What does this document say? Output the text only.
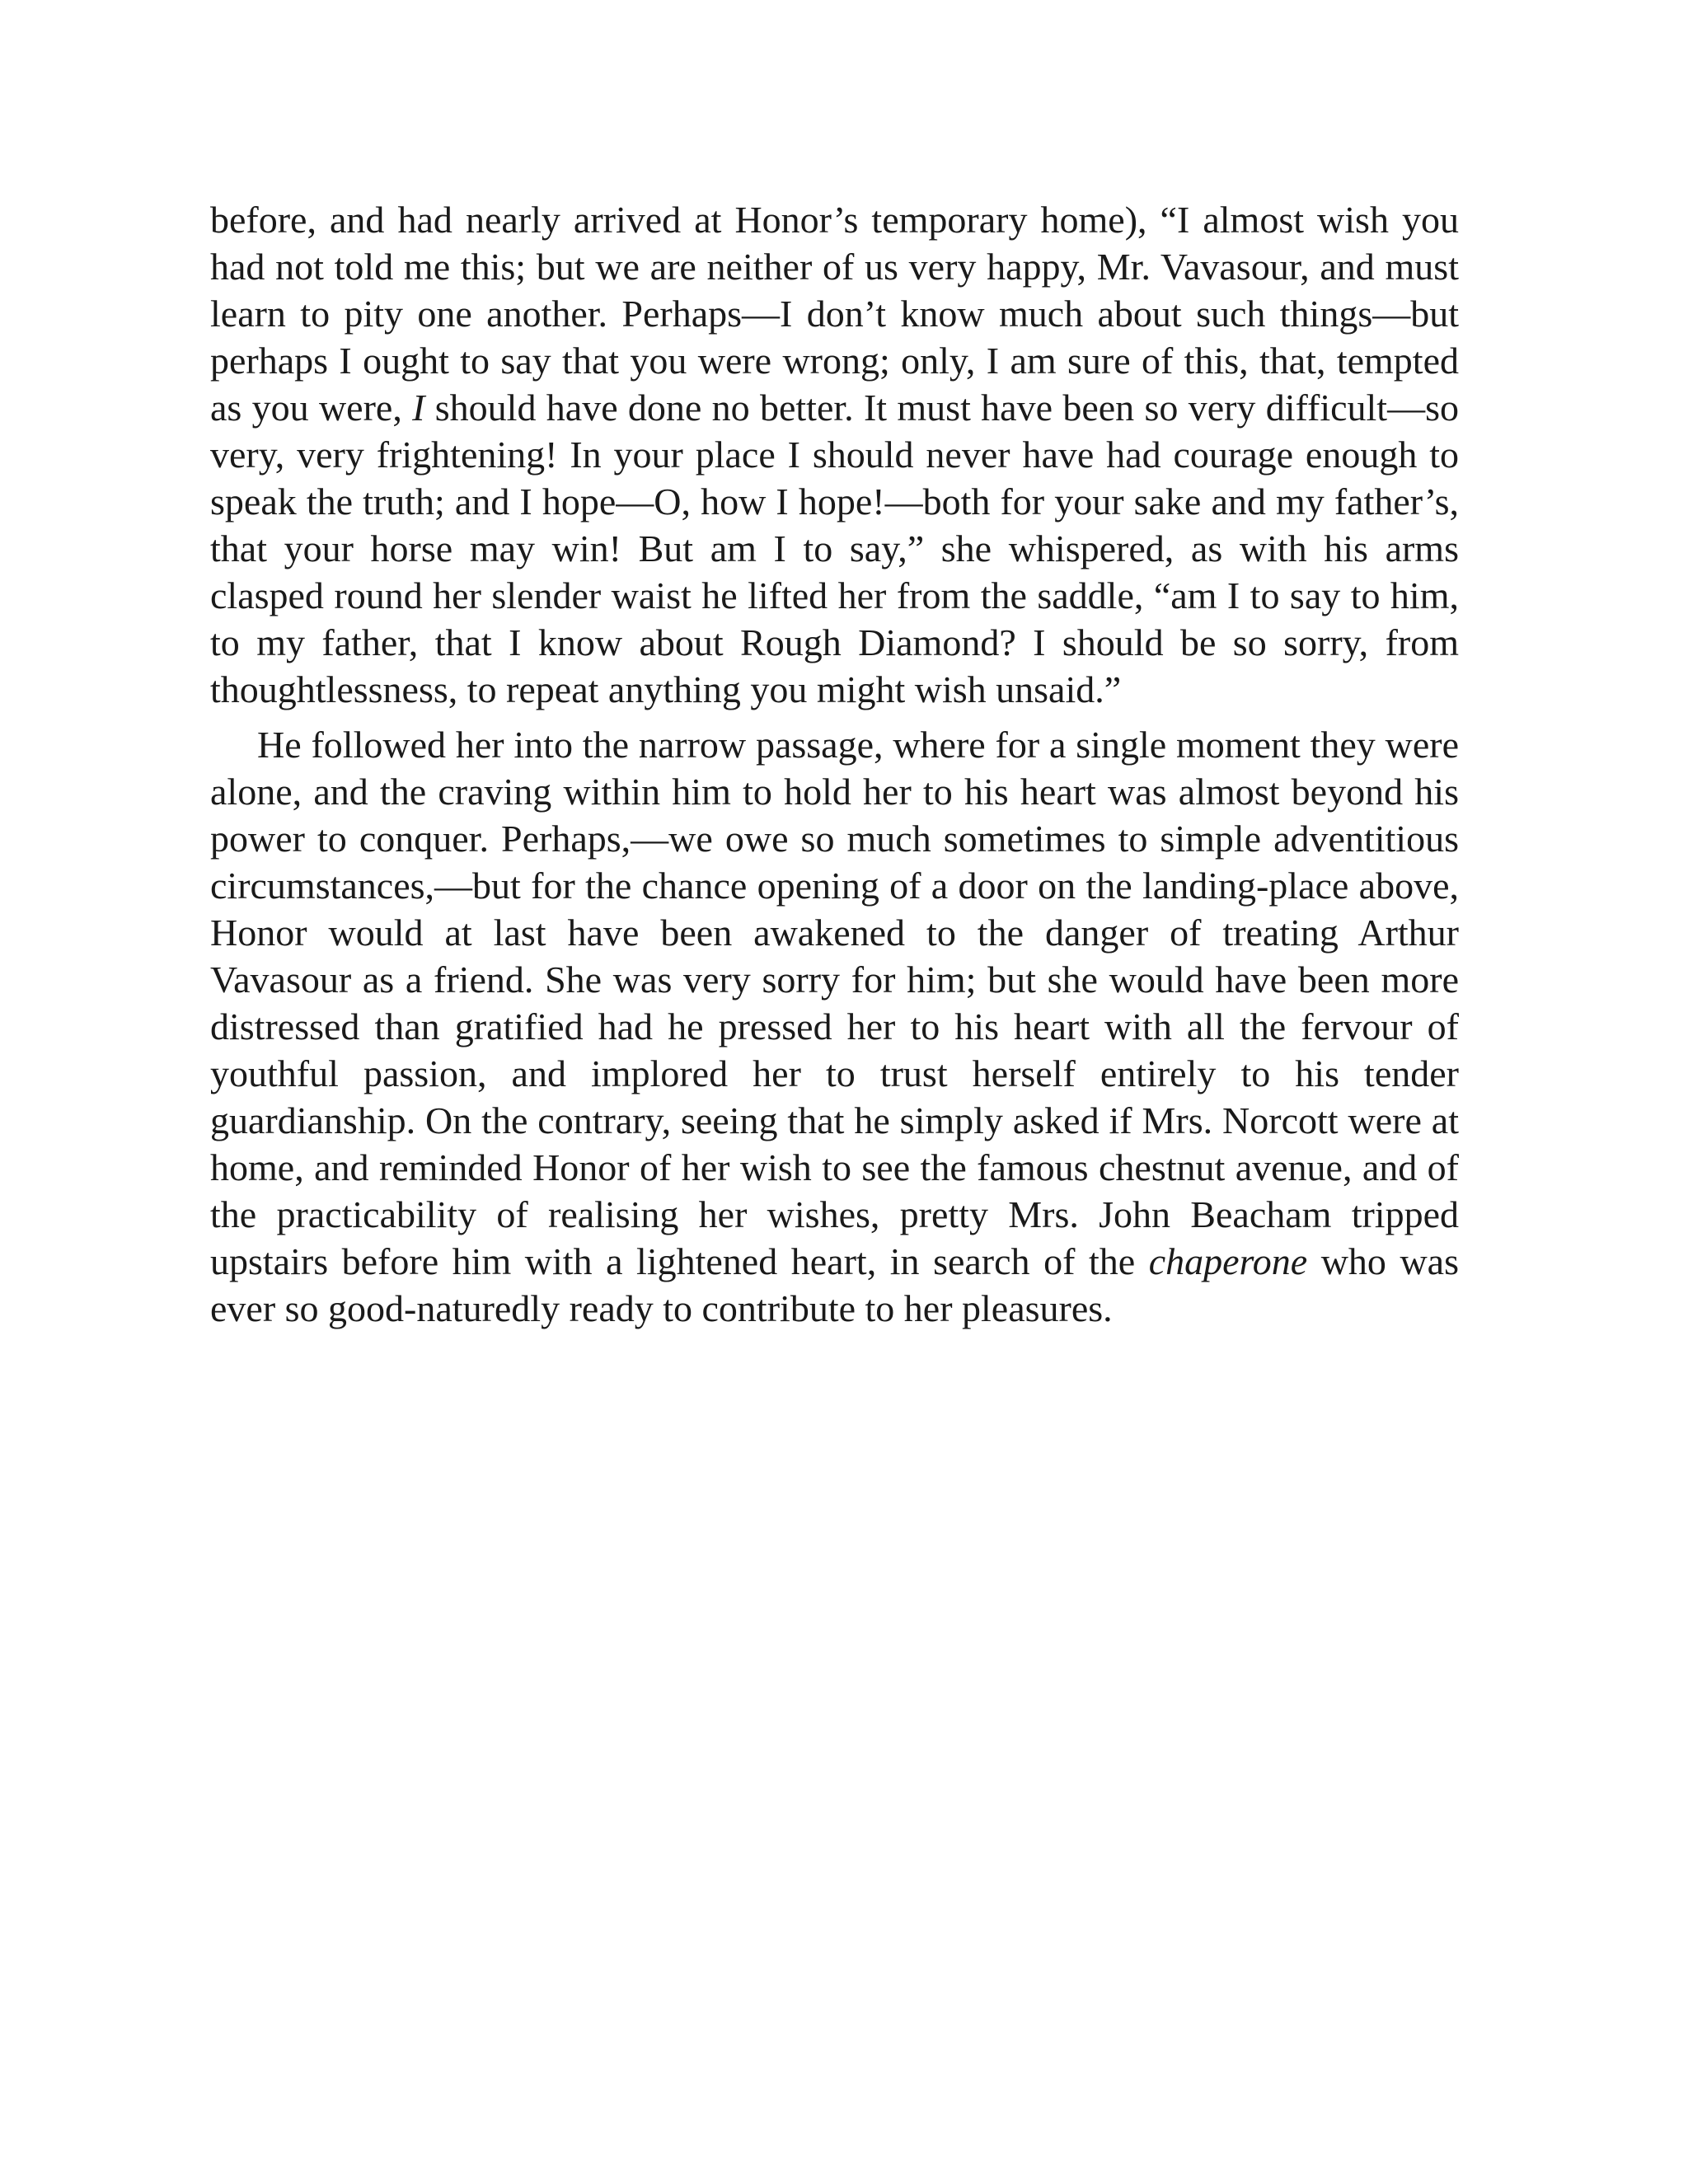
before, and had nearly arrived at Honor’s temporary home), “I almost wish you had not told me this; but we are neither of us very happy, Mr. Vavasour, and must learn to pity one another. Perhaps—I don’t know much about such things—but perhaps I ought to say that you were wrong; only, I am sure of this, that, tempted as you were, I should have done no better. It must have been so very difficult—so very, very frightening! In your place I should never have had courage enough to speak the truth; and I hope—O, how I hope!—both for your sake and my father’s, that your horse may win! But am I to say,” she whispered, as with his arms clasped round her slender waist he lifted her from the saddle, “am I to say to him, to my father, that I know about Rough Diamond? I should be so sorry, from thoughtlessness, to repeat anything you might wish unsaid.”

He followed her into the narrow passage, where for a single moment they were alone, and the craving within him to hold her to his heart was almost beyond his power to conquer. Perhaps,—we owe so much sometimes to simple adventitious circumstances,—but for the chance opening of a door on the landing-place above, Honor would at last have been awakened to the danger of treating Arthur Vavasour as a friend. She was very sorry for him; but she would have been more distressed than gratified had he pressed her to his heart with all the fervour of youthful passion, and implored her to trust herself entirely to his tender guardianship. On the contrary, seeing that he simply asked if Mrs. Norcott were at home, and reminded Honor of her wish to see the famous chestnut avenue, and of the practicability of realising her wishes, pretty Mrs. John Beacham tripped upstairs before him with a lightened heart, in search of the chaperone who was ever so good-naturedly ready to contribute to her pleasures.
